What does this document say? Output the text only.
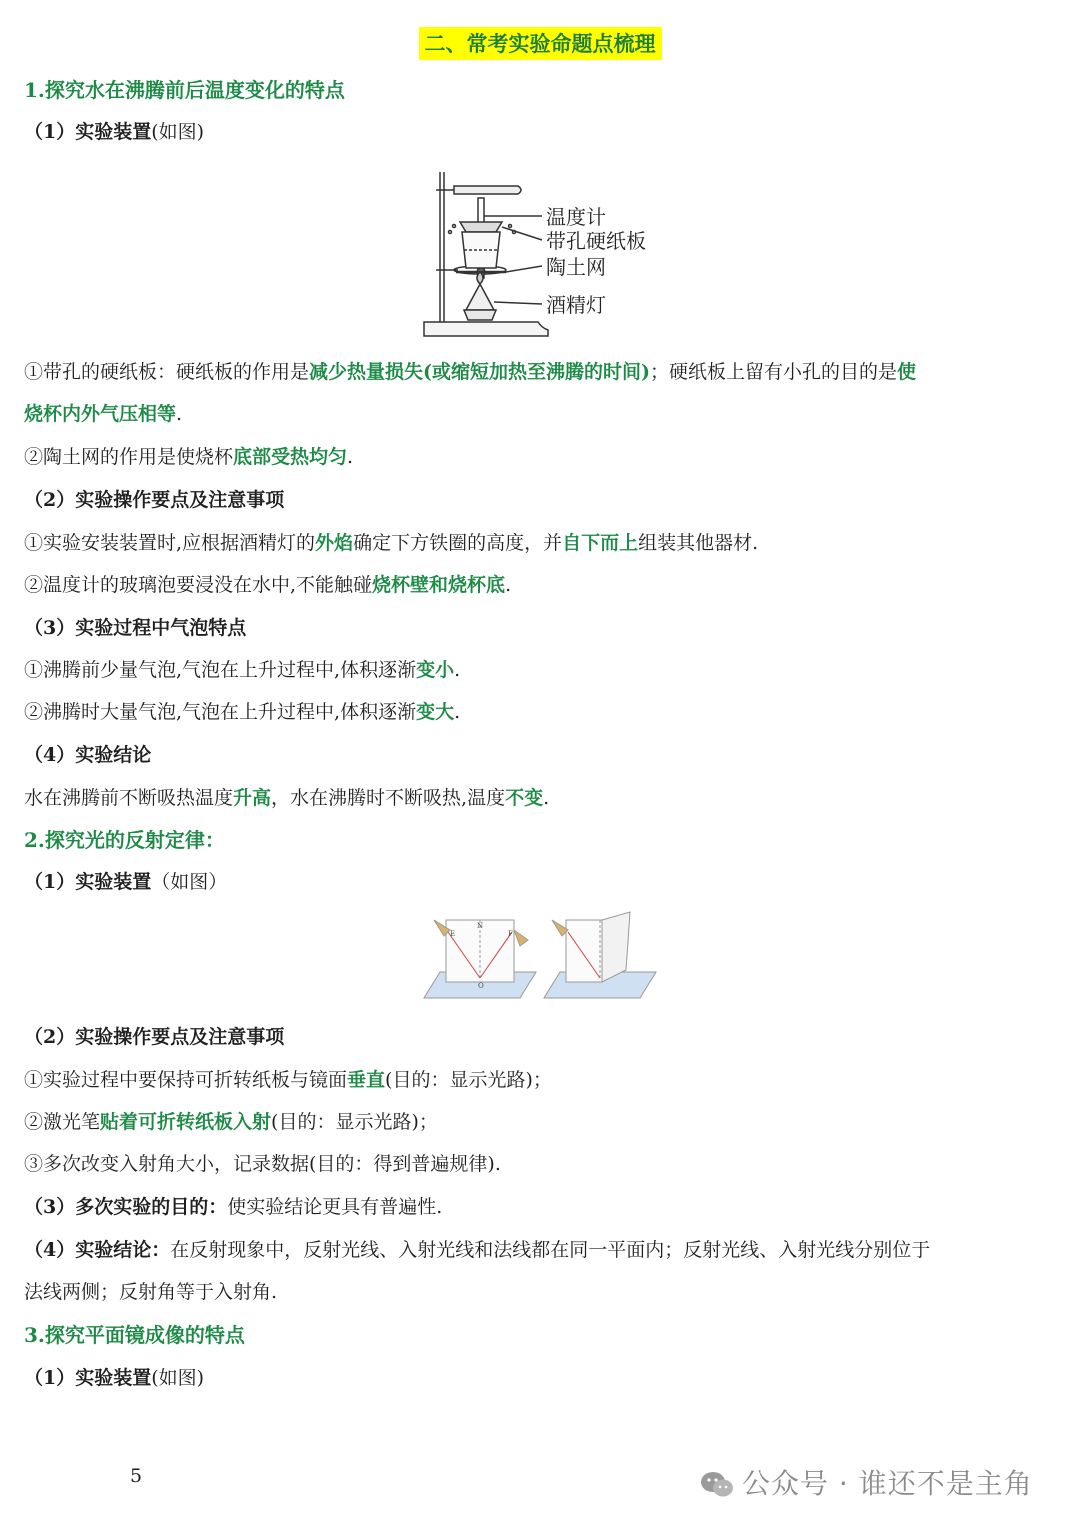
二、常考实验命题点梳理
1.探究水在沸腾前后温度变化的特点
（1）实验装置(如图)
温度计
带孔硬纸板
陶土网
酒精灯
①带孔的硬纸板：硬纸板的作用是减少热量损失(或缩短加热至沸腾的时间)；硬纸板上留有小孔的目的是使
烧杯内外气压相等.
②陶土网的作用是使烧杯底部受热均匀.
（2）实验操作要点及注意事项
①实验安装装置时,应根据酒精灯的外焰确定下方铁圈的高度，并自下而上组装其他器材.
②温度计的玻璃泡要浸没在水中,不能触碰烧杯壁和烧杯底.
（3）实验过程中气泡特点
①沸腾前少量气泡,气泡在上升过程中,体积逐渐变小.
②沸腾时大量气泡,气泡在上升过程中,体积逐渐变大.
（4）实验结论
水在沸腾前不断吸热温度升高，水在沸腾时不断吸热,温度不变.
2.探究光的反射定律：
（1）实验装置（如图）
E
N
F
O
（2）实验操作要点及注意事项
①实验过程中要保持可折转纸板与镜面垂直(目的：显示光路)；
②激光笔贴着可折转纸板入射(目的：显示光路)；
③多次改变入射角大小，记录数据(目的：得到普遍规律).
（3）多次实验的目的：使实验结论更具有普遍性.
（4）实验结论：在反射现象中，反射光线、入射光线和法线都在同一平面内；反射光线、入射光线分别位于
法线两侧；反射角等于入射角.
3.探究平面镜成像的特点
（1）实验装置(如图)
5	公众号 · 谁还不是主角
